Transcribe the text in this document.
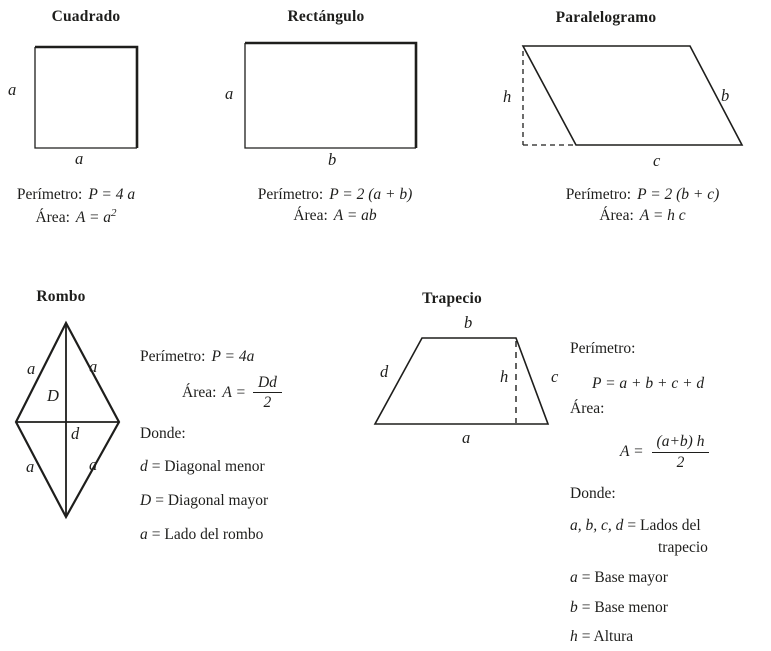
Cuadrado
a
a
Perímetro: P = 4 a
Área: $A = a^2$
Rectángulo
a
b
Perímetro: P = 2 (a + b)
Área: A = ab
Paralelogramo
h	b
c
Perímetro: P = 2 (b + c)
Área: A = h c
Rombo
a	a
D
d
a	a
Perímetro: P = 4a
Área: $A = \frac{Dd}{2}$
Donde:
d = Diagonal menor
D = Diagonal mayor
a = Lado del rombo
Trapecio
b
d	h	c
a
Perímetro:
P = a + b + c + d
Área:
$A = \frac{(a+b) h}{2}$
Donde:
a, b, c, d = Lados del
trapecio
a = Base mayor
b = Base menor
h = Altura
